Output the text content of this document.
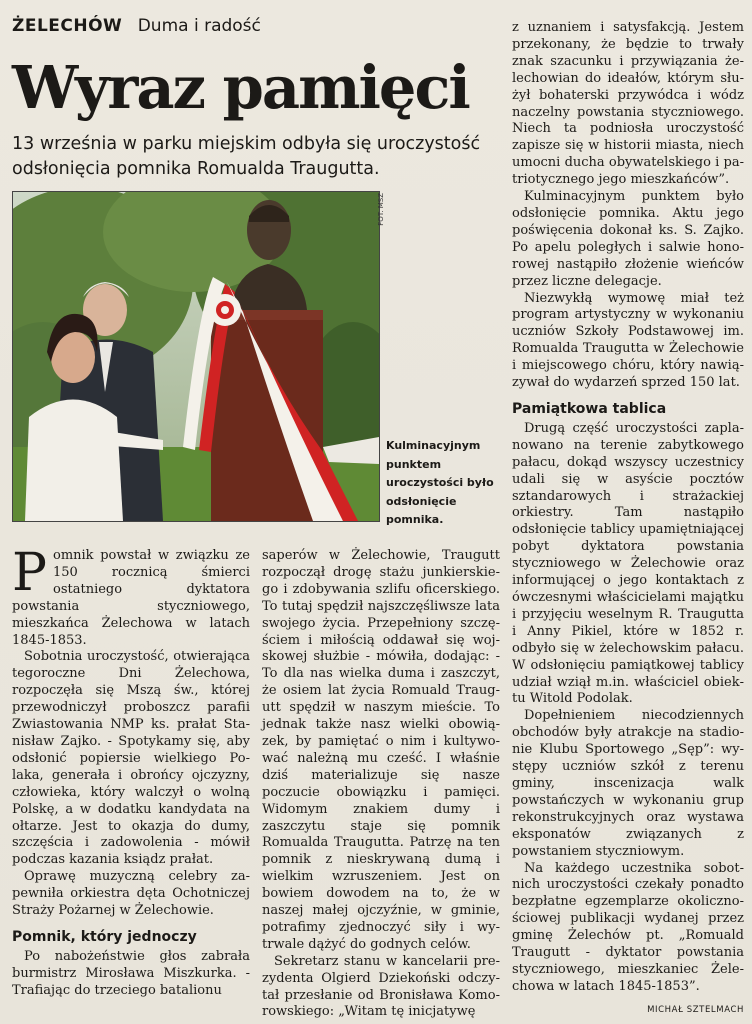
ŻELECHÓW Duma i radość
Wyraz pamięci
13 września w parku miejskim odbyła się uroczystość odsłonięcia pomnika Romualda Traugutta.
FOT. MSZ
Kulminacyjnym punktem uroczystości było odsłonięcie pomnika.

Pomnik powstał w związku ze 150 rocznicą śmierci ostatniego dyktatora powstania styczniowego, mieszkańca Żelechowa w latach 1845-1853.

Sobotnia uroczystość, otwierająca tegoroczne Dni Żelechowa, rozpoczęła się Mszą św., której przewodniczył proboszcz parafii Zwiastowania NMP ks. prałat Stanisław Zajko. - Spotykamy się, aby odsłonić popiersie wielkiego Polaka, generała i obrońcy ojczyzny, człowieka, który walczył o wolną Polskę, a w dodatku kandydata na ołtarze. Jest to okazja do dumy, szczęścia i zadowolenia - mówił podczas kazania ksiądz prałat.

Oprawę muzyczną celebry zapewniła orkiestra dęta Ochotniczej Straży Pożarnej w Żelechowie.

Pomnik, który jednoczy

Po nabożeństwie głos zabrała burmistrz Mirosława Miszkurka. - Trafiając do trzeciego batalionu

saperów w Żelechowie, Traugutt rozpoczął drogę stażu junkierskiego i zdobywania szlifu oficerskiego. To tutaj spędził najszczęśliwsze lata swojego życia. Przepełniony szczęściem i miłością oddawał się wojskowej służbie - mówiła, dodając: - To dla nas wielka duma i zaszczyt, że osiem lat życia Romuald Traugutt spędził w naszym mieście. To jednak także nasz wielki obowiązek, by pamiętać o nim i kultywować należną mu cześć. I właśnie dziś materializuje się nasze poczucie obowiązku i pamięci. Widomym znakiem dumy i zaszczytu staje się pomnik Romualda Traugutta. Patrzę na ten pomnik z nieskrywaną dumą i wielkim wzruszeniem. Jest on bowiem dowodem na to, że w naszej małej ojczyźnie, w gminie, potrafimy zjednoczyć siły i wytrwale dążyć do godnych celów.

Sekretarz stanu w kancelarii prezydenta Olgierd Dziekoński odczytał przesłanie od Bronisława Komorowskiego: „Witam tę inicjatywę

z uznaniem i satysfakcją. Jestem przekonany, że będzie to trwały znak szacunku i przywiązania żelechowian do ideałów, którym służył bohaterski przywódca i wódz naczelny powstania styczniowego. Niech ta podniosła uroczystość zapisze się w historii miasta, niech umocni ducha obywatelskiego i patriotycznego jego mieszkańców”.

Kulminacyjnym punktem było odsłonięcie pomnika. Aktu jego poświęcenia dokonał ks. S. Zajko. Po apelu poległych i salwie honorowej nastąpiło złożenie wieńców przez liczne delegacje.

Niezwykłą wymowę miał też program artystyczny w wykonaniu uczniów Szkoły Podstawowej im. Romualda Traugutta w Żelechowie i miejscowego chóru, który nawiązywał do wydarzeń sprzed 150 lat.

Pamiątkowa tablica

Drugą część uroczystości zaplanowano na terenie zabytkowego pałacu, dokąd wszyscy uczestnicy udali się w asyście pocztów sztandarowych i strażackiej orkiestry. Tam nastąpiło odsłonięcie tablicy upamiętniającej pobyt dyktatora powstania styczniowego w Żelechowie oraz informującej o jego kontaktach z ówczesnymi właścicielami majątku i przyjęciu weselnym R. Traugutta i Anny Pikiel, które w 1852 r. odbyło się w żelechowskim pałacu. W odsłonięciu pamiątkowej tablicy udział wziął m.in. właściciel obiektu Witold Podolak.

Dopełnieniem niecodziennych obchodów były atrakcje na stadionie Klubu Sportowego „Sęp”: występy uczniów szkół z terenu gminy, inscenizacja walk powstańczych w wykonaniu grup rekonstrukcyjnych oraz wystawa eksponatów związanych z powstaniem styczniowym.

Na każdego uczestnika sobotnich uroczystości czekały ponadto bezpłatne egzemplarze okolicznościowej publikacji wydanej przez gminę Żelechów pt. „Romuald Traugutt - dyktator powstania styczniowego, mieszkaniec Żelechowa w latach 1845-1853”.

MICHAŁ SZTELMACH
